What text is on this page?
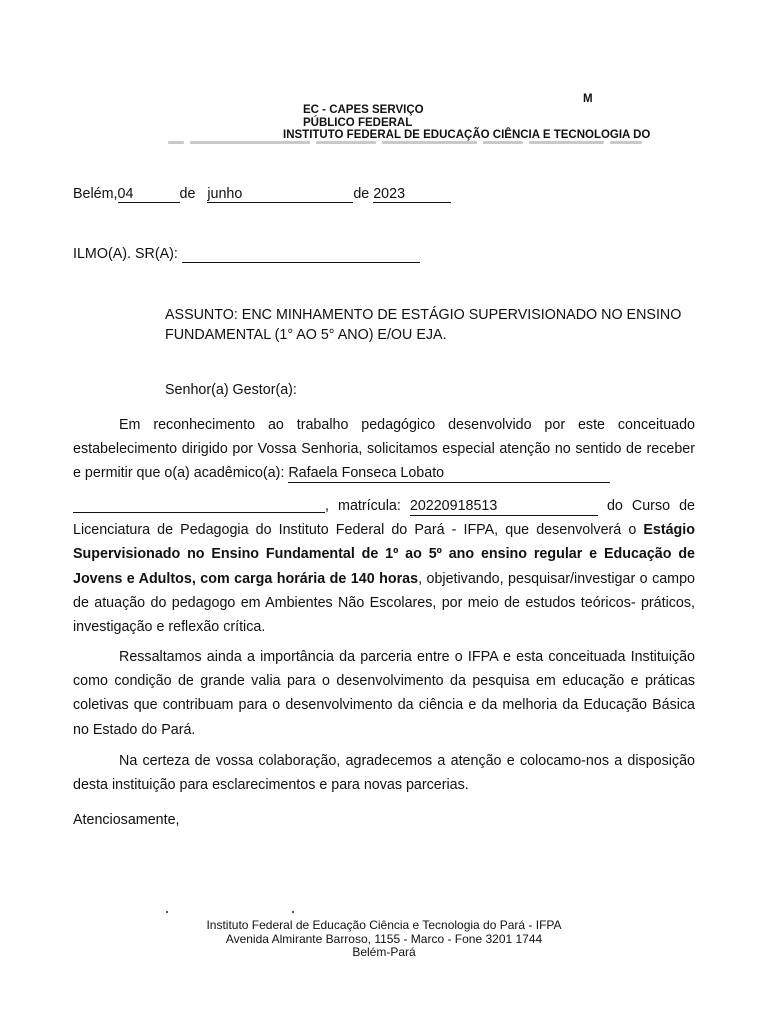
M
EC - CAPES SERVIÇO
PÚBLICO FEDERAL
INSTITUTO FEDERAL DE EDUCAÇÃO CIÊNCIA E TECNOLOGIA DO
Belém,04	de junho	de 2023
ILMO(A). SR(A):
ASSUNTO: ENC MINHAMENTO DE ESTÁGIO SUPERVISIONADO NO ENSINO
FUNDAMENTAL (1° AO 5° ANO) E/OU EJA.
Senhor(a) Gestor(a):
Em reconhecimento ao trabalho pedagógico desenvolvido por este conceituado estabelecimento dirigido por Vossa Senhoria, solicitamos especial atenção no sentido de receber e permitir que o(a) acadêmico(a): Rafaela Fonseca Lobato
, matrícula: 20220918513	do Curso de Licenciatura de Pedagogia do Instituto Federal do Pará - IFPA, que desenvolverá o Estágio Supervisionado no Ensino Fundamental de 1º ao 5º ano ensino regular e Educação de Jovens e Adultos, com carga horária de 140 horas, objetivando, pesquisar/investigar o campo de atuação do pedagogo em Ambientes Não Escolares, por meio de estudos teóricos- práticos, investigação e reflexão crítica.
Ressaltamos ainda a importância da parceria entre o IFPA e esta conceituada Instituição como condição de grande valia para o desenvolvimento da pesquisa em educação e práticas coletivas que contribuam para o desenvolvimento da ciência e da melhoria da Educação Básica no Estado do Pará.
Na certeza de vossa colaboração, agradecemos a atenção e colocamo-nos a disposição desta instituição para esclarecimentos e para novas parcerias.
Atenciosamente,
Instituto Federal de Educação Ciência e Tecnologia do Pará - IFPA
Avenida Almirante Barroso, 1155 - Marco - Fone 3201 1744
Belém-Pará
